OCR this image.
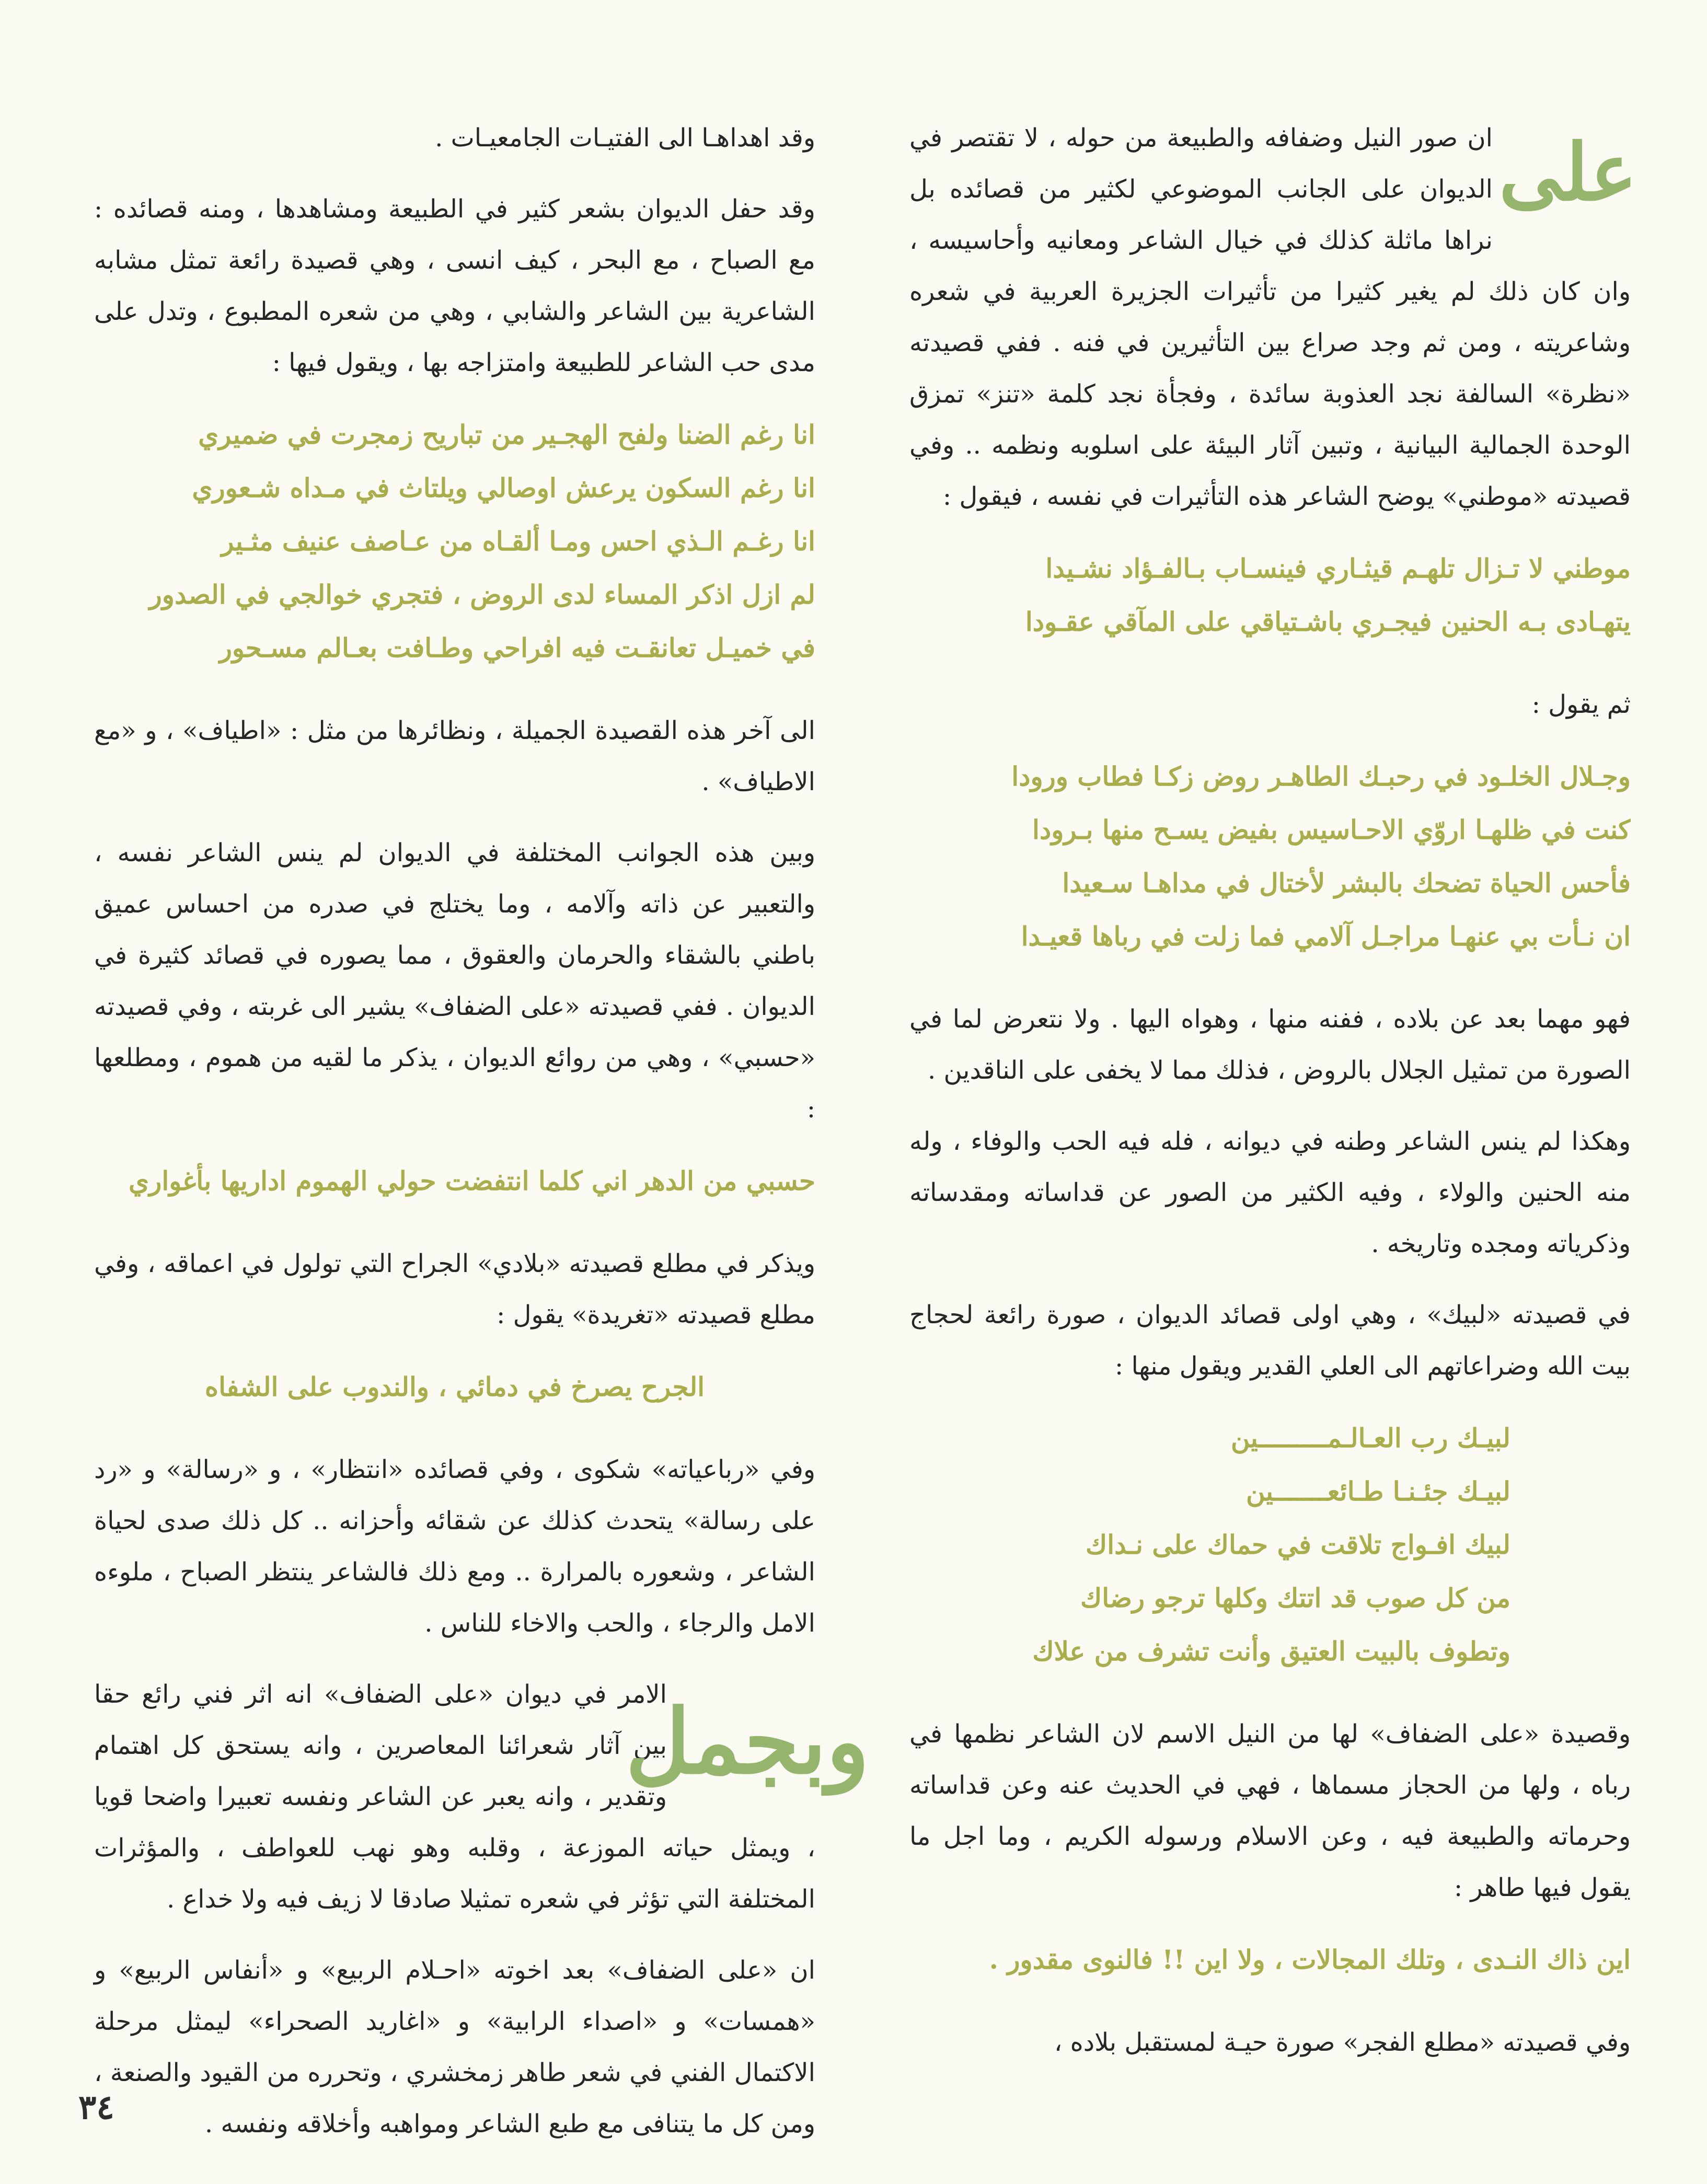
على

ان صور النيل وضفافه والطبيعة من حوله ، لا تقتصر في الديوان على الجانب الموضوعي لكثير من قصائده بل نراها ماثلة كذلك في خيال الشاعر ومعانيه وأحاسيسه ، وان كان ذلك لم يغير كثيرا من تأثيرات الجزيرة العربية في شعره وشاعريته ، ومن ثم وجد صراع بين التأثيرين في فنه . ففي قصيدته «نظرة» السالفة نجد العذوبة سائدة ، وفجأة نجد كلمة «تنز» تمزق الوحدة الجمالية البيانية ، وتبين آثار البيئة على اسلوبه ونظمه .. وفي قصيدته «موطني» يوضح الشاعر هذه التأثيرات في نفسه ، فيقول :

موطني لا تـزال تلهـم قيثـاري فينسـاب بـالفـؤاد نشـيدا
يتهـادى بـه الحنين فيجـري باشـتياقي على المآقي عقـودا

ثم يقول :

وجـلال الخلـود في رحبـك الطاهـر روض زكـا فطاب ورودا
كنت في ظلهـا اروّي الاحـاسيس بفيض يسـح منها بـرودا
فأحس الحياة تضحك بالبشر لأختال في مداهـا سـعيدا
ان نـأت بي عنهـا مراجـل آلامي فما زلت في رباها قعيـدا

فهو مهما بعد عن بلاده ، ففنه منها ، وهواه اليها . ولا نتعرض لما في الصورة من تمثيل الجلال بالروض ، فذلك مما لا يخفى على الناقدين .

وهكذا لم ينس الشاعر وطنه في ديوانه ، فله فيه الحب والوفاء ، وله منه الحنين والولاء ، وفيه الكثير من الصور عن قداساته ومقدساته وذكرياته ومجده وتاريخه .

في قصيدته «لبيك» ، وهي اولى قصائد الديوان ، صورة رائعة لحجاج بيت الله وضراعاتهم الى العلي القدير ويقول منها :

لبيـك رب العـالـمـــــــــين
لبيـك جئـنـا طـائعـــــــين
لبيك افـواج تلاقت في حماك على نـداك
من كل صوب قد اتتك وكلها ترجو رضاك
وتطوف بالبيت العتيق وأنت تشرف من علاك

وقصيدة «على الضفاف» لها من النيل الاسم لان الشاعر نظمها في رباه ، ولها من الحجاز مسماها ، فهي في الحديث عنه وعن قداساته وحرماته والطبيعة فيه ، وعن الاسلام ورسوله الكريم ، وما اجل ما يقول فيها طاهر :

اين ذاك النـدى ، وتلك المجالات ، ولا اين !! فالنوى مقدور .

وفي قصيدته «مطلع الفجر» صورة حيـة لمستقبل بلاده ،

وقد اهداهـا الى الفتيـات الجامعيـات .

وقد حفل الديوان بشعر كثير في الطبيعة ومشاهدها ، ومنه قصائده : مع الصباح ، مع البحر ، كيف انسى ، وهي قصيدة رائعة تمثل مشابه الشاعرية بين الشاعر والشابي ، وهي من شعره المطبوع ، وتدل على مدى حب الشاعر للطبيعة وامتزاجه بها ، ويقول فيها :

انا رغم الضنا ولفح الهجـير من تباريح زمجرت في ضميري
انا رغم السكون يرعش اوصالي ويلتاث في مـداه شـعوري
انا رغـم الـذي احس ومـا ألقـاه من عـاصف عنيف مثـير
لم ازل اذكر المساء لدى الروض ، فتجري خوالجي في الصدور
في خميـل تعانقـت فيه افراحي وطـافت بعـالم مسـحور

الى آخر هذه القصيدة الجميلة ، ونظائرها من مثل : «اطياف» ، و «مع الاطياف» .

وبين هذه الجوانب المختلفة في الديوان لم ينس الشاعر نفسه ، والتعبير عن ذاته وآلامه ، وما يختلج في صدره من احساس عميق باطني بالشقاء والحرمان والعقوق ، مما يصوره في قصائد كثيرة في الديوان . ففي قصيدته «على الضفاف» يشير الى غربته ، وفي قصيدته «حسبي» ، وهي من روائع الديوان ، يذكر ما لقيه من هموم ، ومطلعها :

حسبي من الدهر اني كلما انتفضت حولي الهموم اداريها بأغواري

ويذكر في مطلع قصيدته «بلادي» الجراح التي تولول في اعماقه ، وفي مطلع قصيدته «تغريدة» يقول :

الجرح يصرخ في دمائي ، والندوب على الشفاه

وفي «رباعياته» شكوى ، وفي قصائده «انتظار» ، و «رسالة» و «رد على رسالة» يتحدث كذلك عن شقائه وأحزانه .. كل ذلك صدى لحياة الشاعر ، وشعوره بالمرارة .. ومع ذلك فالشاعر ينتظر الصباح ، ملوءه الامل والرجاء ، والحب والاخاء للناس .

وبجمل

الامر في ديوان «على الضفاف» انه اثر فني رائع حقا بين آثار شعرائنا المعاصرين ، وانه يستحق كل اهتمام وتقدير ، وانه يعبر عن الشاعر ونفسه تعبيرا واضحا قويا ، ويمثل حياته الموزعة ، وقلبه وهو نهب للعواطف ، والمؤثرات المختلفة التي تؤثر في شعره تمثيلا صادقا لا زيف فيه ولا خداع .

ان «على الضفاف» بعد اخوته «احـلام الربيع» و «أنفاس الربيع» و «همسات» و «اصداء الرابية» و «اغاريد الصحراء» ليمثل مرحلة الاكتمال الفني في شعر طاهر زمخشري ، وتحرره من القيود والصنعة ، ومن كل ما يتنافى مع طبع الشاعر ومواهبه وأخلاقه ونفسه .

٣٤
